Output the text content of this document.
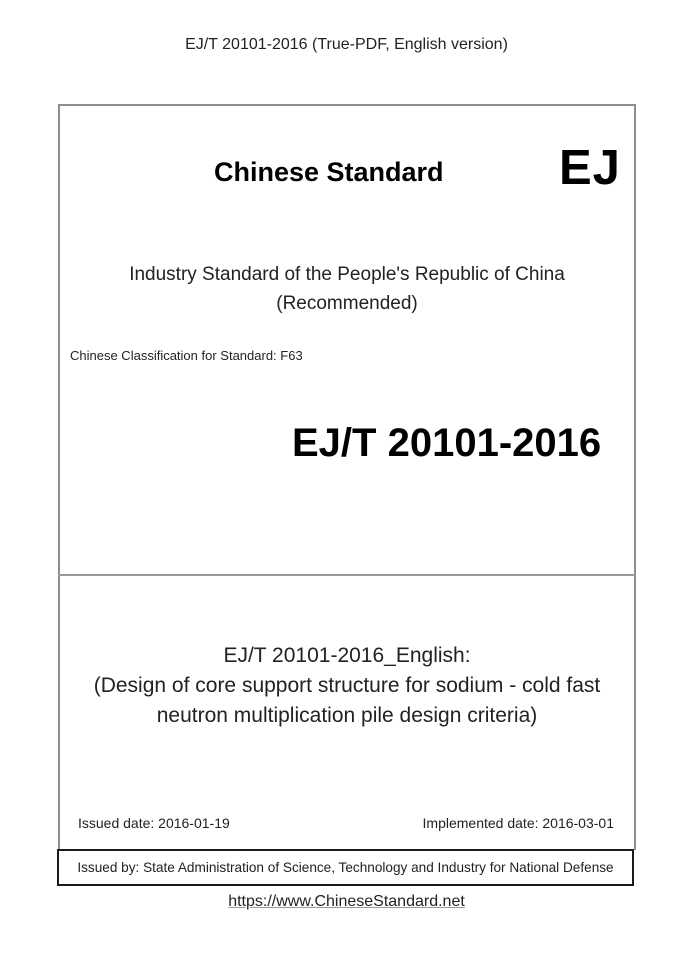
EJ/T 20101-2016 (True-PDF, English version)
Chinese Standard EJ
Industry Standard of the People's Republic of China
(Recommended)
Chinese Classification for Standard: F63
EJ/T 20101-2016
EJ/T 20101-2016_English:
(Design of core support structure for sodium - cold fast
neutron multiplication pile design criteria)
Issued date: 2016-01-19	Implemented date: 2016-03-01
Issued by: State Administration of Science, Technology and Industry for National Defense
https://www.ChineseStandard.net
